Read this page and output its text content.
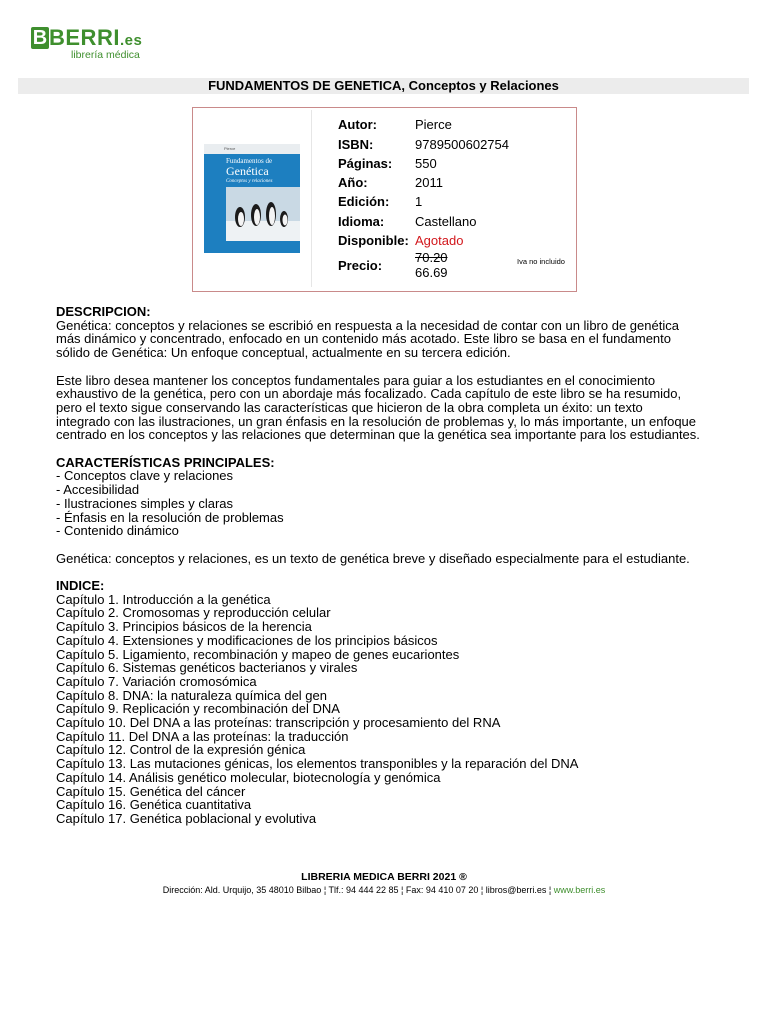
B BERRI.es
librería médica
FUNDAMENTOS DE GENETICA, Conceptos y Relaciones
Pierce
Fundamentos de
Genética
Conceptos y relaciones
Autor:	Pierce
ISBN:	9789500602754
Páginas: 550
Año:	2011
Edición: 1
Idioma: Castellano
Disponible: Agotado
Precio:
70.20
66.69
Iva no incluido

DESCRIPCION:

Genética: conceptos y relaciones se escribió en respuesta a la necesidad de contar con un libro de genética

más dinámico y concentrado, enfocado en un contenido más acotado. Este libro se basa en el fundamento

sólido de Genética: Un enfoque conceptual, actualmente en su tercera edición.

Este libro desea mantener los conceptos fundamentales para guiar a los estudiantes en el conocimiento

exhaustivo de la genética, pero con un abordaje más focalizado. Cada capítulo de este libro se ha resumido,

pero el texto sigue conservando las características que hicieron de la obra completa un éxito: un texto

integrado con las ilustraciones, un gran énfasis en la resolución de problemas y, lo más importante, un enfoque

centrado en los conceptos y las relaciones que determinan que la genética sea importante para los estudiantes.

CARACTERÍSTICAS PRINCIPALES:

- Conceptos clave y relaciones
- Accesibilidad
- Ilustraciones simples y claras
- Énfasis en la resolución de problemas
- Contenido dinámico

Genética: conceptos y relaciones, es un texto de genética breve y diseñado especialmente para el estudiante.

INDICE:

Capítulo 1. Introducción a la genética
Capítulo 2. Cromosomas y reproducción celular
Capítulo 3. Principios básicos de la herencia
Capítulo 4. Extensiones y modificaciones de los principios básicos
Capítulo 5. Ligamiento, recombinación y mapeo de genes eucariontes
Capítulo 6. Sistemas genéticos bacterianos y virales
Capítulo 7. Variación cromosómica
Capítulo 8. DNA: la naturaleza química del gen
Capítulo 9. Replicación y recombinación del DNA
Capítulo 10. Del DNA a las proteínas: transcripción y procesamiento del RNA
Capítulo 11. Del DNA a las proteínas: la traducción
Capítulo 12. Control de la expresión génica
Capítulo 13. Las mutaciones génicas, los elementos transponibles y la reparación del DNA
Capítulo 14. Análisis genético molecular, biotecnología y genómica
Capítulo 15. Genética del cáncer
Capítulo 16. Genética cuantitativa
Capítulo 17. Genética poblacional y evolutiva
LIBRERIA MEDICA BERRI 2021 ®
Dirección: Ald. Urquijo, 35 48010 Bilbao ¦ Tlf.: 94 444 22 85 ¦ Fax: 94 410 07 20 ¦ libros@berri.es ¦ www.berri.es
